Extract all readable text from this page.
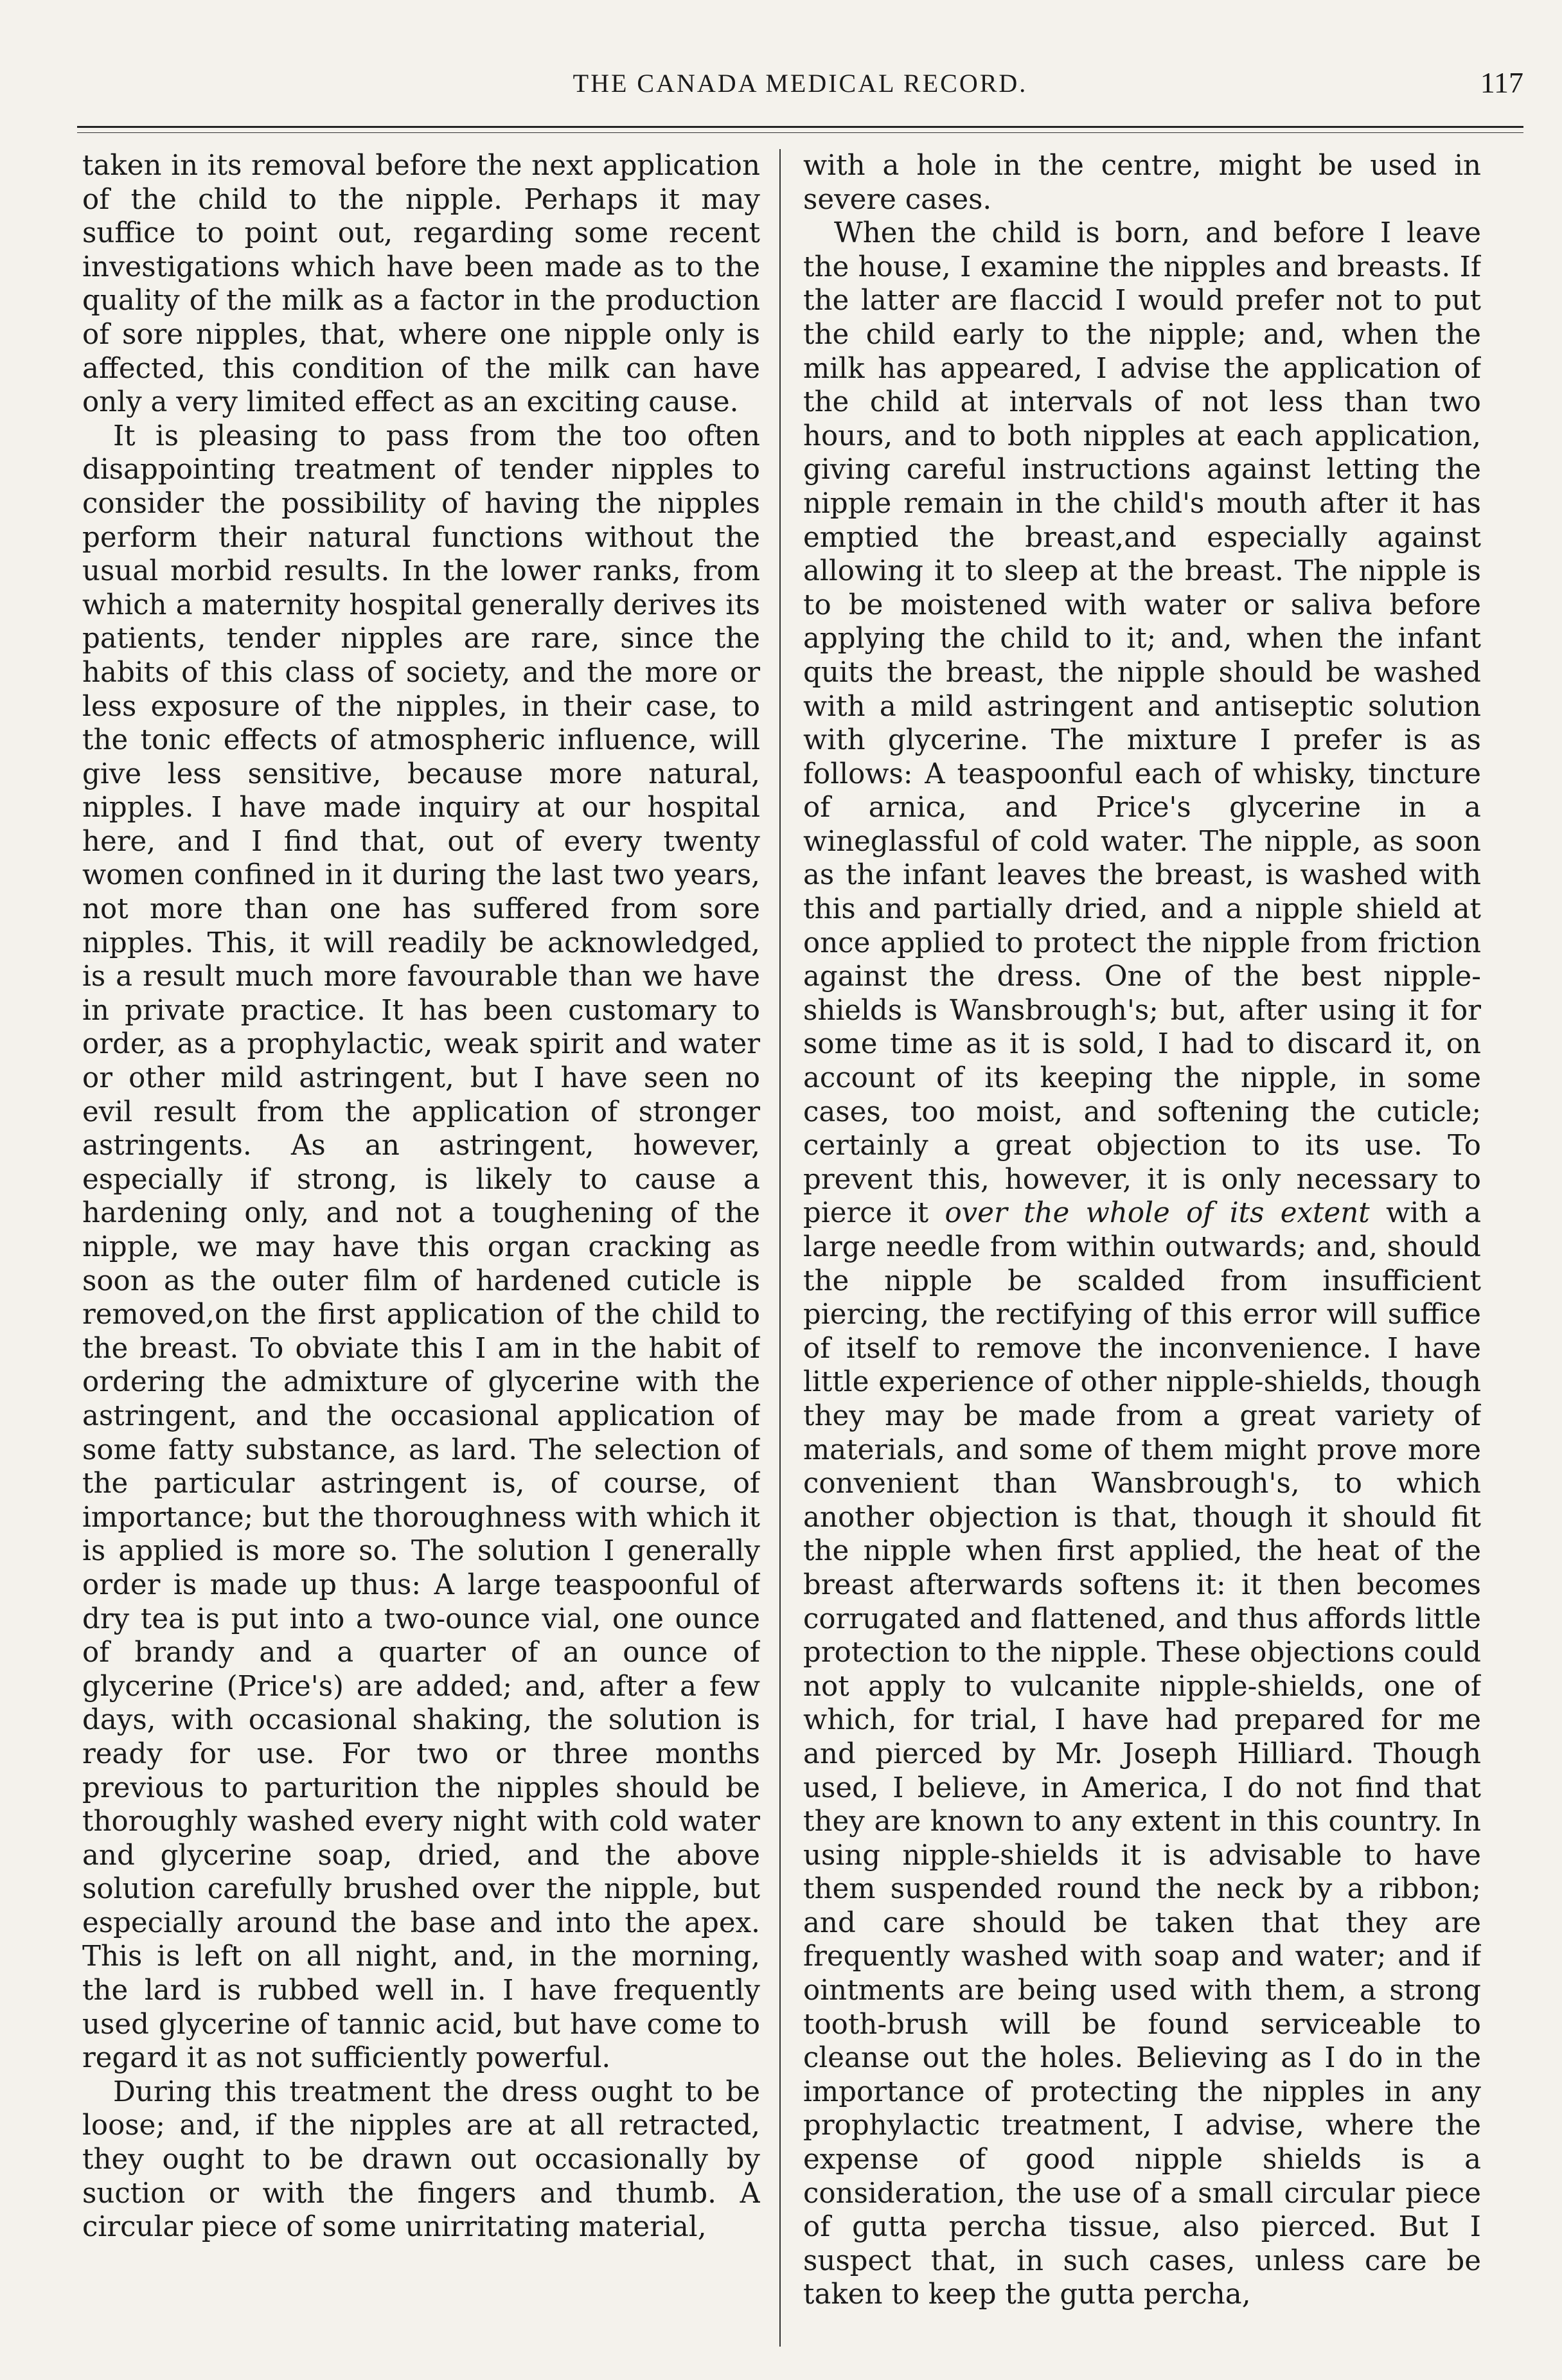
THE CANADA MEDICAL RECORD.	117

taken in its removal before the next application of the child to the nipple. Perhaps it may suffice to point out, regarding some recent investigations which have been made as to the quality of the milk as a factor in the production of sore nipples, that, where one nipple only is affected, this condition of the milk can have only a very limited effect as an exciting cause.

It is pleasing to pass from the too often disappointing treatment of tender nipples to consider the possibility of having the nipples perform their natural functions without the usual morbid results. In the lower ranks, from which a maternity hospital generally derives its patients, tender nipples are rare, since the habits of this class of society, and the more or less exposure of the nipples, in their case, to the tonic effects of atmospheric influence, will give less sensitive, because more natural, nipples. I have made inquiry at our hospital here, and I find that, out of every twenty women confined in it during the last two years, not more than one has suffered from sore nipples. This, it will readily be acknowledged, is a result much more favourable than we have in private practice. It has been customary to order, as a prophylactic, weak spirit and water or other mild astringent, but I have seen no evil result from the application of stronger astringents. As an astringent, however, especially if strong, is likely to cause a hardening only, and not a toughening of the nipple, we may have this organ cracking as soon as the outer film of hardened cuticle is removed,on the first application of the child to the breast. To obviate this I am in the habit of ordering the admixture of glycerine with the astringent, and the occasional application of some fatty substance, as lard. The selection of the particular astringent is, of course, of importance; but the thoroughness with which it is applied is more so. The solution I generally order is made up thus: A large teaspoonful of dry tea is put into a two-ounce vial, one ounce of brandy and a quarter of an ounce of glycerine (Price's) are added; and, after a few days, with occasional shaking, the solution is ready for use. For two or three months previous to parturition the nipples should be thoroughly washed every night with cold water and glycerine soap, dried, and the above solution carefully brushed over the nipple, but especially around the base and into the apex. This is left on all night, and, in the morning, the lard is rubbed well in. I have frequently used glycerine of tannic acid, but have come to regard it as not sufficiently powerful.

During this treatment the dress ought to be loose; and, if the nipples are at all retracted, they ought to be drawn out occasionally by suction or with the fingers and thumb. A circular piece of some unirritating material,

with a hole in the centre, might be used in severe cases.

When the child is born, and before I leave the house, I examine the nipples and breasts. If the latter are flaccid I would prefer not to put the child early to the nipple; and, when the milk has appeared, I advise the application of the child at intervals of not less than two hours, and to both nipples at each application, giving careful instructions against letting the nipple remain in the child's mouth after it has emptied the breast,and especially against allowing it to sleep at the breast. The nipple is to be moistened with water or saliva before applying the child to it; and, when the infant quits the breast, the nipple should be washed with a mild astringent and antiseptic solution with glycerine. The mixture I prefer is as follows: A teaspoonful each of whisky, tincture of arnica, and Price's glycerine in a wineglassful of cold water. The nipple, as soon as the infant leaves the breast, is washed with this and partially dried, and a nipple shield at once applied to protect the nipple from friction against the dress. One of the best nipple-shields is Wansbrough's; but, after using it for some time as it is sold, I had to discard it, on account of its keeping the nipple, in some cases, too moist, and softening the cuticle; certainly a great objection to its use. To prevent this, however, it is only necessary to pierce it over the whole of its extent with a large needle from within outwards; and, should the nipple be scalded from insufficient piercing, the rectifying of this error will suffice of itself to remove the inconvenience. I have little experience of other nipple-shields, though they may be made from a great variety of materials, and some of them might prove more convenient than Wansbrough's, to which another objection is that, though it should fit the nipple when first applied, the heat of the breast afterwards softens it: it then becomes corrugated and flattened, and thus affords little protection to the nipple. These objections could not apply to vulcanite nipple-shields, one of which, for trial, I have had prepared for me and pierced by Mr. Joseph Hilliard. Though used, I believe, in America, I do not find that they are known to any extent in this country. In using nipple-shields it is advisable to have them suspended round the neck by a ribbon; and care should be taken that they are frequently washed with soap and water; and if ointments are being used with them, a strong tooth-brush will be found serviceable to cleanse out the holes. Believing as I do in the importance of protecting the nipples in any prophylactic treatment, I advise, where the expense of good nipple shields is a consideration, the use of a small circular piece of gutta percha tissue, also pierced. But I suspect that, in such cases, unless care be taken to keep the gutta percha,
